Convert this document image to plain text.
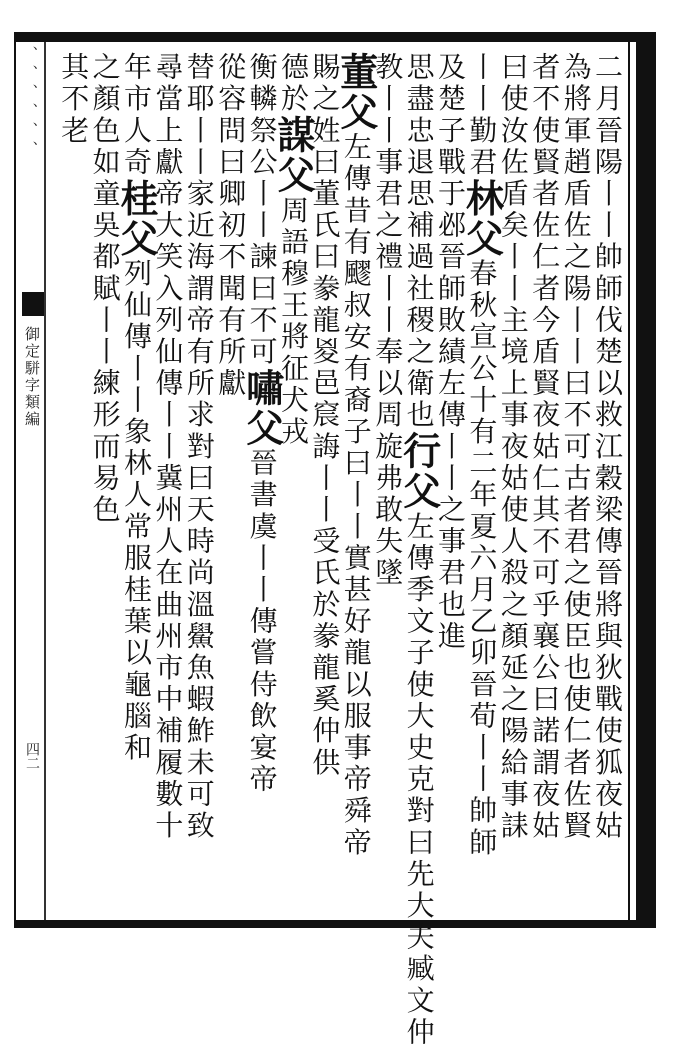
、、、、、、
御定駢字類編
四二	二月晉陽丨丨帥師伐楚以救江穀梁傳晉將與狄戰使狐夜姑
為將軍趙盾佐之陽丨丨曰不可古者君之使臣也使仁者佐賢
者不使賢者佐仁者今盾賢夜姑仁其不可乎襄公曰諾謂夜姑
曰使汝佐盾矣丨丨主境上事夜姑使人殺之顏延之陽給事誄
丨丨勤君林父春秋宣公十有二年夏六月乙卯晉荀丨丨帥師
及楚子戰于邲晉師敗績左傳丨丨之事君也進
思盡忠退思補過社稷之衛也行父左傳季文子使大史克對曰先大夫臧文仲
教丨丨事君之禮丨丨奉以周旋弗敢失墜
董父左傳昔有飂叔安有裔子曰丨丨實甚好龍以服事帝舜帝
賜之姓曰董氏曰豢龍㚇邑䆣誨丨丨受氏於豢龍奚仲供
德於謀父周語穆王將征犬戎
衡轔祭公丨丨諫曰不可嘯父晉書虞丨丨傳嘗侍飲宴帝
從容問曰卿初不聞有所獻
替耶丨丨家近海謂帝有所求對曰天時尚溫鱟魚蝦鮓未可致
尋當上獻帝大笑入列仙傳丨丨冀州人在曲州市中補履數十
年市人奇桂父列仙傳丨丨象林人常服桂葉以龜腦和
之顏色如童吳都賦丨丨練形而易色
其不老
